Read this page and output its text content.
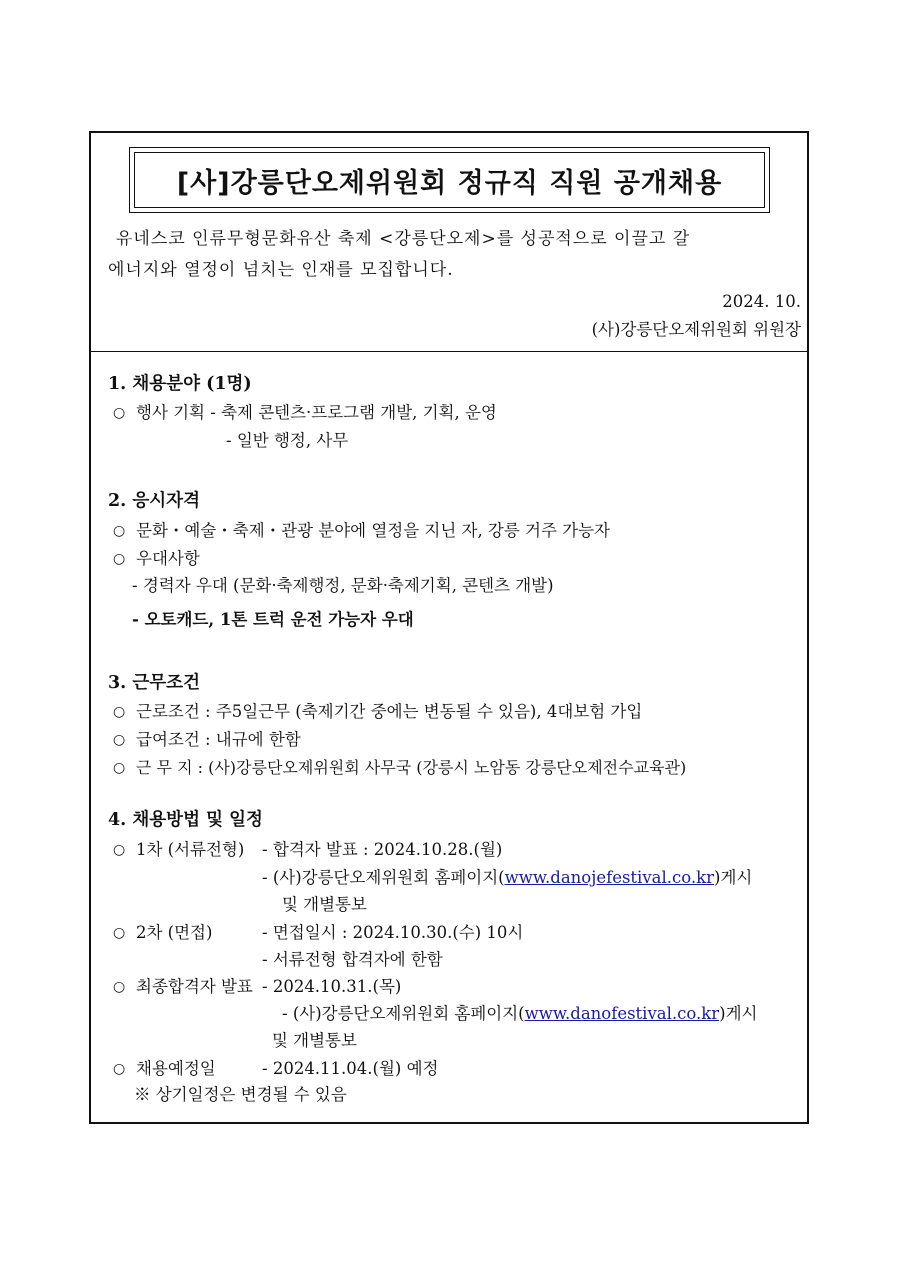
[사]강릉단오제위원회 정규직 직원 공개채용
유네스코 인류무형문화유산 축제 <강릉단오제>를 성공적으로 이끌고 갈
에너지와 열정이 넘치는 인재를 모집합니다.
2024. 10.
(사)강릉단오제위원회 위원장
1. 채용분야 (1명)
○ 행사 기획 - 축제 콘텐츠·프로그램 개발, 기획, 운영
- 일반 행정, 사무
2. 응시자격
○ 문화・예술・축제・관광 분야에 열정을 지닌 자, 강릉 거주 가능자
○ 우대사항
- 경력자 우대 (문화·축제행정, 문화·축제기획, 콘텐츠 개발)
- 오토캐드, 1톤 트럭 운전 가능자 우대
3. 근무조건
○ 근로조건 : 주5일근무 (축제기간 중에는 변동될 수 있음), 4대보험 가입
○ 급여조건 : 내규에 한함
○ 근 무 지 : (사)강릉단오제위원회 사무국 (강릉시 노암동 강릉단오제전수교육관)
4. 채용방법 및 일정
○ 1차 (서류전형) - 합격자 발표 : 2024.10.28.(월)
- (사)강릉단오제위원회 홈페이지(www.danojefestival.co.kr)게시
및 개별통보
○ 2차 (면접)	- 면접일시 : 2024.10.30.(수) 10시
- 서류전형 합격자에 한함
○ 최종합격자 발표 - 2024.10.31.(목)
- (사)강릉단오제위원회 홈페이지(www.danofestival.co.kr)게시
및 개별통보
○ 채용예정일	- 2024.11.04.(월) 예정
※ 상기일정은 변경될 수 있음
